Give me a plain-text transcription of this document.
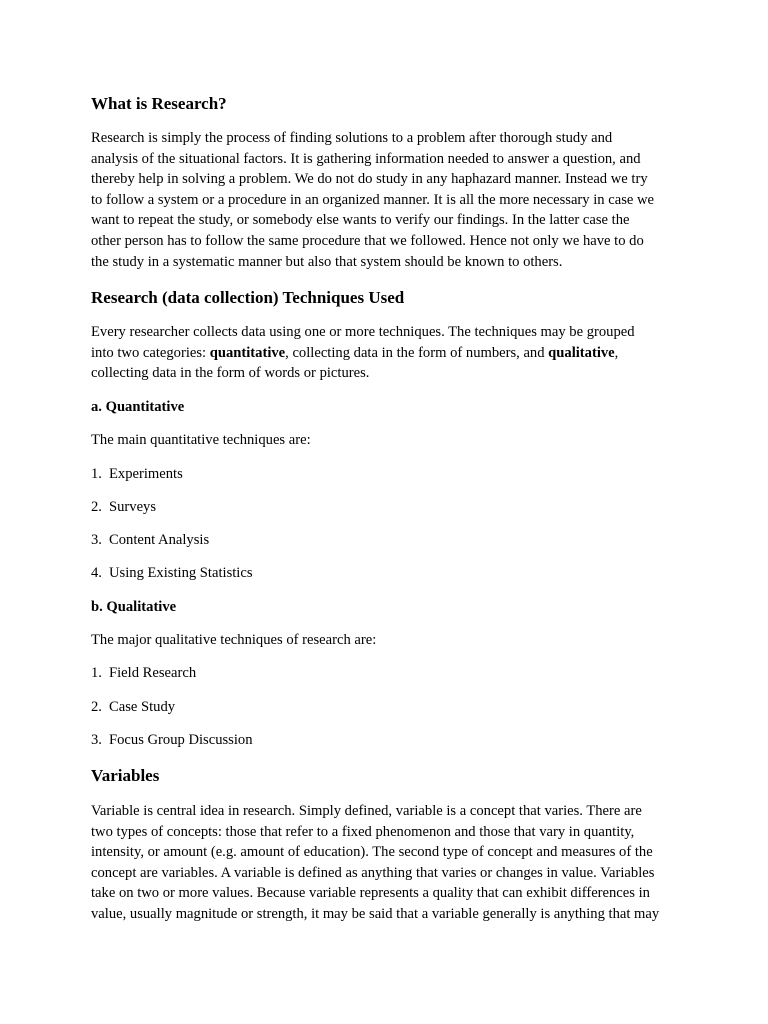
What is Research?

Research is simply the process of finding solutions to a problem after thorough study and
analysis of the situational factors. It is gathering information needed to answer a question, and
thereby help in solving a problem. We do not do study in any haphazard manner. Instead we try
to follow a system or a procedure in an organized manner. It is all the more necessary in case we
want to repeat the study, or somebody else wants to verify our findings. In the latter case the
other person has to follow the same procedure that we followed. Hence not only we have to do
the study in a systematic manner but also that system should be known to others.

Research (data collection) Techniques Used

Every researcher collects data using one or more techniques. The techniques may be grouped
into two categories: quantitative, collecting data in the form of numbers, and qualitative,
collecting data in the form of words or pictures.

a. Quantitative

The main quantitative techniques are:

1. Experiments

2. Surveys

3. Content Analysis

4. Using Existing Statistics

b. Qualitative

The major qualitative techniques of research are:

1. Field Research

2. Case Study

3. Focus Group Discussion

Variables

Variable is central idea in research. Simply defined, variable is a concept that varies. There are
two types of concepts: those that refer to a fixed phenomenon and those that vary in quantity,
intensity, or amount (e.g. amount of education). The second type of concept and measures of the
concept are variables. A variable is defined as anything that varies or changes in value. Variables
take on two or more values. Because variable represents a quality that can exhibit differences in
value, usually magnitude or strength, it may be said that a variable generally is anything that may
